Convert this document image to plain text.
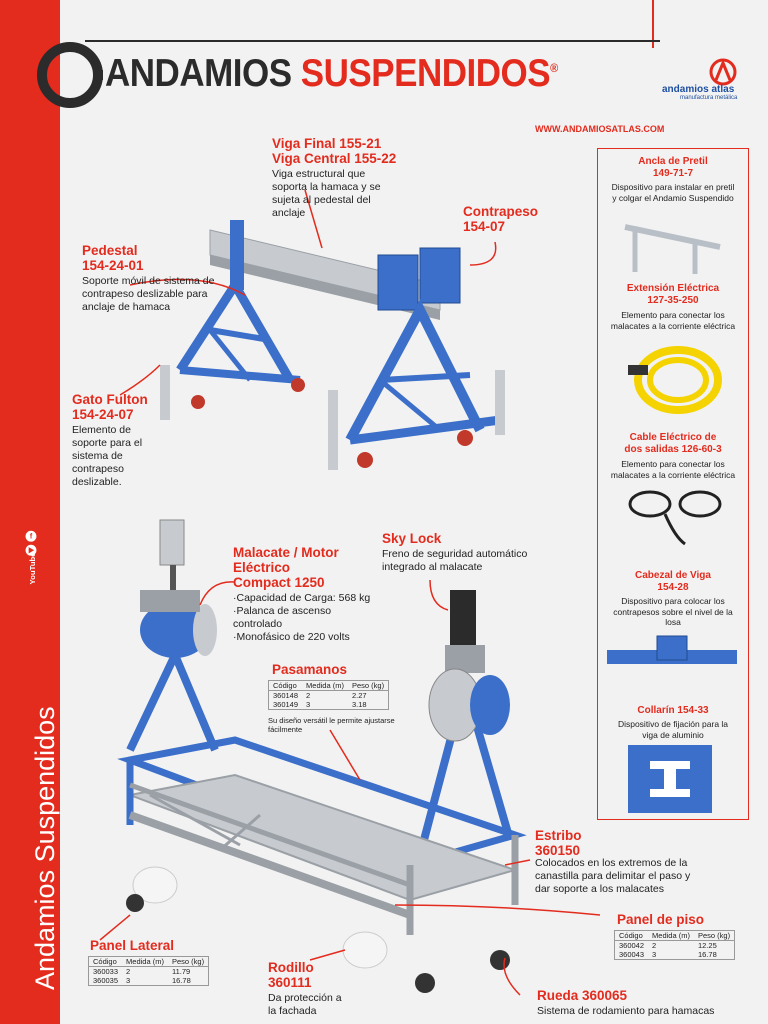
f
YouTube
Andamios Suspendidos
ANDAMIOS SUSPENDIDOS®
andamios atlas
manufactura metálica
WWW.ANDAMIOSATLAS.COM
Viga Final 155-21
Viga Central 155-22
Viga estructural que soporta la hamaca y se sujeta al pedestal del anclaje	Contrapeso
154-07
Pedestal
154-24-01
Soporte móvil de sistema de contrapeso deslizable para anclaje de hamaca
Gato Fulton
154-24-07
Elemento de soporte para el sistema de contrapeso deslizable.
Malacate / Motor
Eléctrico
Compact 1250
·Capacidad de Carga: 568 kg
·Palanca de ascenso controlado
·Monofásico de 220 volts
Sky Lock
Freno de seguridad automático integrado al malacate
Pasamanos
Código	Medida (m)	Peso (kg)
360148	2	2.27
360149	3	3.18
Su diseño versátil le permite ajustarse fácilmente
Estribo
360150
Colocados en los extremos de la canastilla para delimitar el paso y dar soporte a los malacates
Panel de piso
Código	Medida (m)	Peso (kg)
360042	2	12.25
360043	3	16.78
Panel Lateral
Código	Medida (m)	Peso (kg)
360033	2	11.79
360035	3	16.78
Rodillo
360111
Da protección a la fachada
Rueda 360065
Sistema de rodamiento para hamacas
Ancla de Pretil
149-71-7
Dispositivo para instalar en pretil y colgar el Andamio Suspendido
Extensión Eléctrica
127-35-250
Elemento para conectar los malacates a la corriente eléctrica
Cable Eléctrico de
dos salidas 126-60-3
Elemento para conectar los malacates a la corriente eléctrica
Cabezal de Viga
154-28
Dispositivo para colocar los contrapesos sobre el nivel de la losa
Collarín 154-33
Dispositivo de fijación para la viga de aluminio
